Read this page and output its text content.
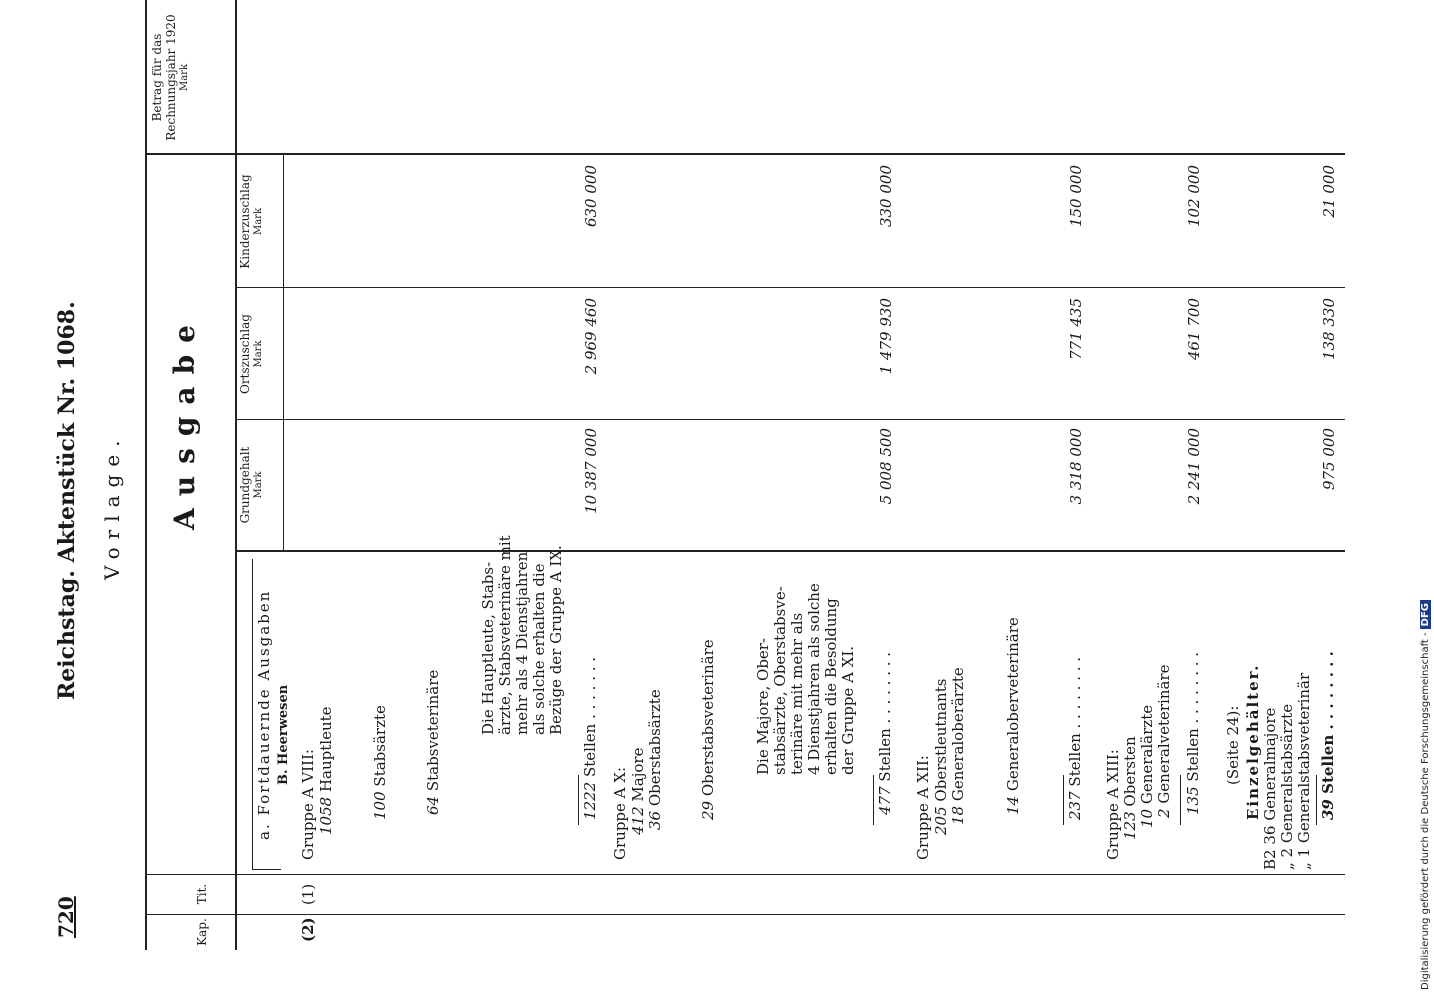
720
Reichstag. Aktenstück Nr. 1068. Vorlage. Ausgabe
Kap.
Tit.
Grundgehalt Mark
Ortszuschlag Mark
Kinderzuschlag Mark
Betrag für das Rechnungsjahr 1920 Mark
a. Fortdauernde Ausgaben B. Heerwesen
(2)
(1)
Gruppe A VIII: 1058 Hauptleute
100 Stabsärzte
64 Stabsveterinäre Die Hauptleute, Stabs- ärzte, Stabsveterinäre mit mehr als 4 Dienstjahren als solche erhalten die Bezüge der Gruppe A IX.
1222 Stellen . . . . . . .
10 387 000
2 969 460
630 000
Gruppe A X: 412 Majore
36 Oberstabsärzte
29 Oberstabsveterinäre Die Majore, Ober- stabsärzte, Oberstabsve- terinäre mit mehr als 4 Dienstjahren als solche erhalten die Besoldung der Gruppe A XI.
477 Stellen . . . . . . . .
5 008 500
1 479 930
330 000
Gruppe A XII: 205 Oberstleutnants
18 Generaloberärzte
14 Generaloberveterinäre
237 Stellen . . . . . . . .
3 318 000
771 435
150 000
Gruppe A XIII: 123 Obersten
10 Generalärzte
2 Generalveterinäre 135 Stellen . . . . . . . .
2 241 000
461 700
102 000
(Seite 24): Einzelgehälter.
B2 36 Generalmajore
„ 2 Generalstabsärzte
„ 1 Generalstabsveterinär 39 Stellen . . . . . . . .
975 000
138 330
21 000
Digitalisierung gefördert durch die Deutsche Forschungsgemeinschaft -DFG
